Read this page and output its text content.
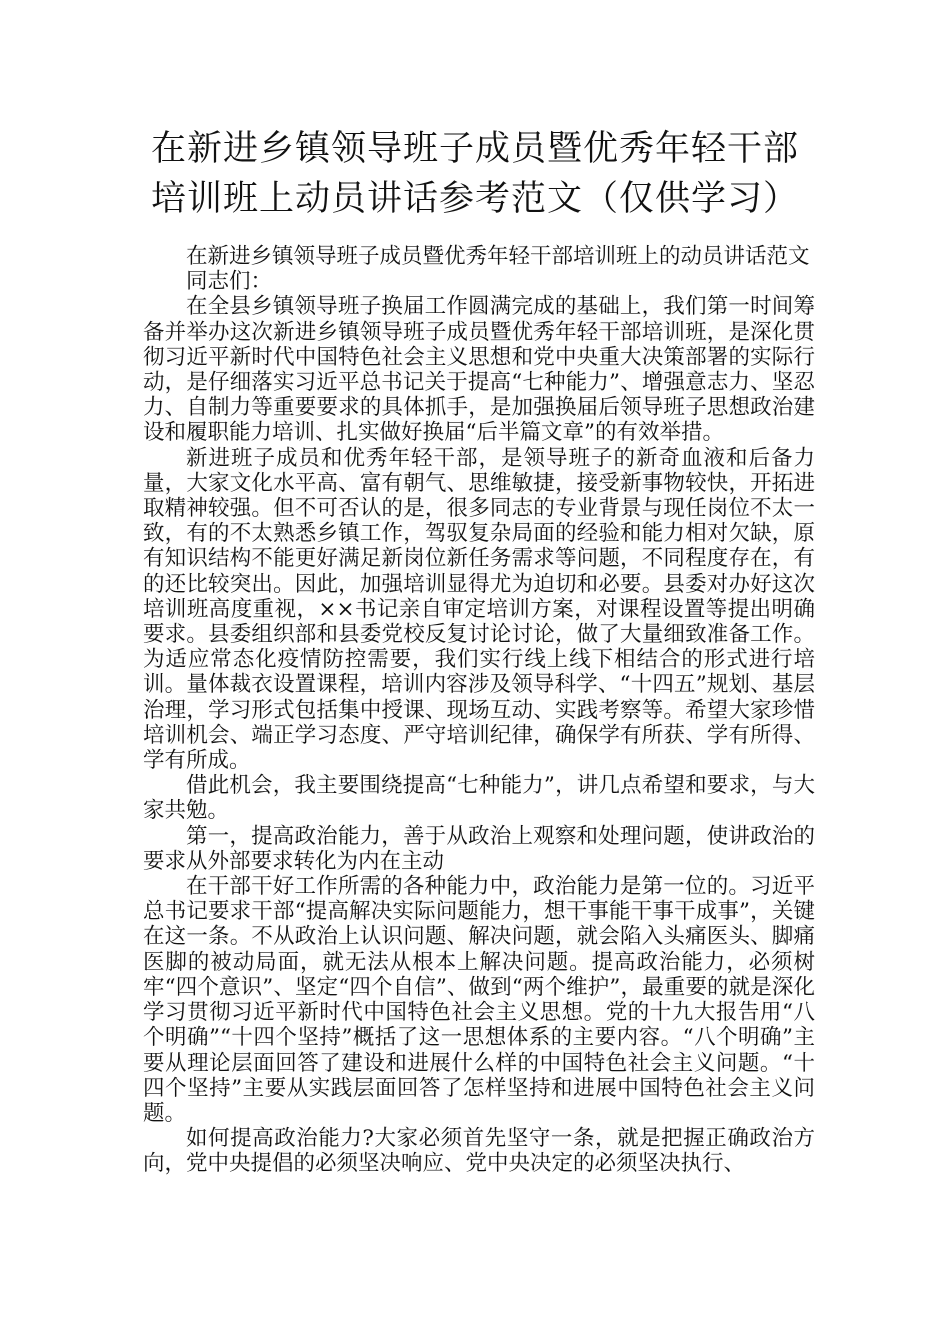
在新进乡镇领导班子成员暨优秀年轻干部
培训班上动员讲话参考范文（仅供学习）

在新进乡镇领导班子成员暨优秀年轻干部培训班上的动员讲话范文

同志们：

在全县乡镇领导班子换届工作圆满完成的基础上，我们第一时间筹备并举办这次新进乡镇领导班子成员暨优秀年轻干部培训班，是深化贯彻习近平新时代中国特色社会主义思想和党中央重大决策部署的实际行动，是仔细落实习近平总书记关于提高“七种能力”、增强意志力、坚忍力、自制力等重要要求的具体抓手，是加强换届后领导班子思想政治建设和履职能力培训、扎实做好换届“后半篇文章”的有效举措。

新进班子成员和优秀年轻干部，是领导班子的新奇血液和后备力量，大家文化水平高、富有朝气、思维敏捷，接受新事物较快，开拓进取精神较强。但不可否认的是，很多同志的专业背景与现任岗位不太一致，有的不太熟悉乡镇工作，驾驭复杂局面的经验和能力相对欠缺，原有知识结构不能更好满足新岗位新任务需求等问题，不同程度存在，有的还比较突出。因此，加强培训显得尤为迫切和必要。县委对办好这次培训班高度重视，××书记亲自审定培训方案，对课程设置等提出明确要求。县委组织部和县委党校反复讨论讨论，做了大量细致准备工作。为适应常态化疫情防控需要，我们实行线上线下相结合的形式进行培训。量体裁衣设置课程，培训内容涉及领导科学、“十四五”规划、基层治理，学习形式包括集中授课、现场互动、实践考察等。希望大家珍惜培训机会、端正学习态度、严守培训纪律，确保学有所获、学有所得、学有所成。

借此机会，我主要围绕提高“七种能力”，讲几点希望和要求，与大家共勉。

第一，提高政治能力，善于从政治上观察和处理问题，使讲政治的要求从外部要求转化为内在主动

在干部干好工作所需的各种能力中，政治能力是第一位的。习近平总书记要求干部“提高解决实际问题能力，想干事能干事干成事”，关键在这一条。不从政治上认识问题、解决问题，就会陷入头痛医头、脚痛医脚的被动局面，就无法从根本上解决问题。提高政治能力，必须树牢“四个意识”、坚定“四个自信”、做到“两个维护”，最重要的就是深化学习贯彻习近平新时代中国特色社会主义思想。党的十九大报告用“八个明确”“十四个坚持”概括了这一思想体系的主要内容。“八个明确”主要从理论层面回答了建设和进展什么样的中国特色社会主义问题。“十四个坚持”主要从实践层面回答了怎样坚持和进展中国特色社会主义问题。

如何提高政治能力?大家必须首先坚守一条，就是把握正确政治方向，党中央提倡的必须坚决响应、党中央决定的必须坚决执行、
